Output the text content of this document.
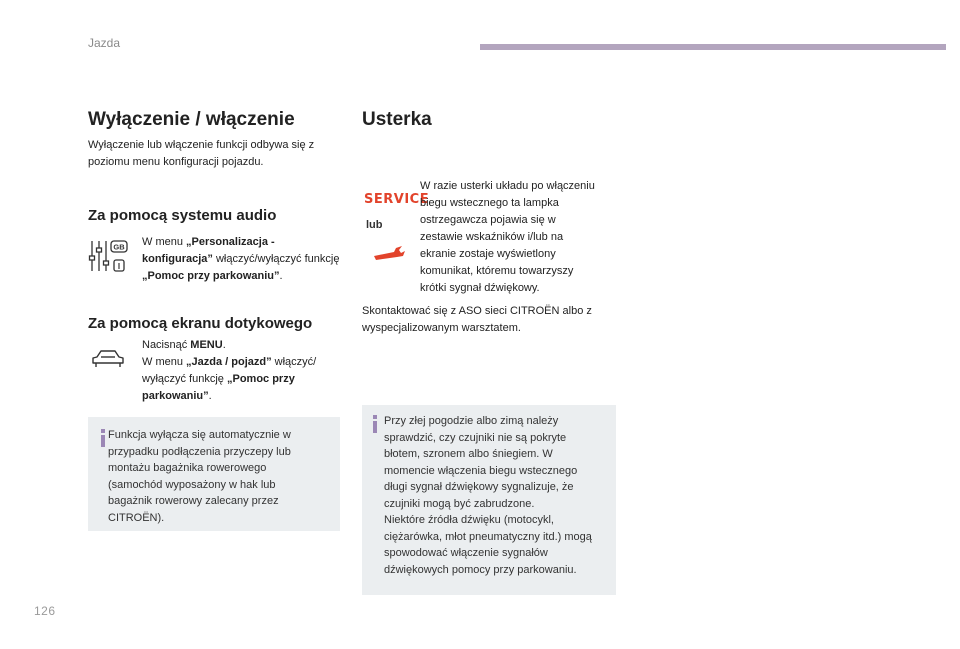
Jazda
Wyłączenie / włączenie

Wyłączenie lub włączenie funkcji odbywa się z poziomu menu konfiguracji pojazdu.

Za pomocą systemu audio
GB
I

W menu „Personalizacja - konfiguracja” włączyć/wyłączyć funkcję „Pomoc przy parkowaniu”.

Za pomocą ekranu dotykowego

Nacisnąć MENU.

W menu „Jazda / pojazd” włączyć/ wyłączyć funkcję „Pomoc przy parkowaniu”.

Funkcja wyłącza się automatycznie w przypadku podłączenia przyczepy lub montażu bagażnika rowerowego (samochód wyposażony w hak lub bagażnik rowerowy zalecany przez CITROËN).

Usterka
SERVICE
lub

W razie usterki układu po włączeniu biegu wstecznego ta lampka ostrzegawcza pojawia się w zestawie wskaźników i/lub na ekranie zostaje wyświetlony komunikat, któremu towarzyszy krótki sygnał dźwiękowy.

Skontaktować się z ASO sieci CITROËN albo z wyspecjalizowanym warsztatem.

Przy złej pogodzie albo zimą należy sprawdzić, czy czujniki nie są pokryte błotem, szronem albo śniegiem. W momencie włączenia biegu wstecznego długi sygnał dźwiękowy sygnalizuje, że czujniki mogą być zabrudzone.

Niektóre źródła dźwięku (motocykl, ciężarówka, młot pneumatyczny itd.) mogą spowodować włączenie sygnałów dźwiękowych pomocy przy parkowaniu.

126
